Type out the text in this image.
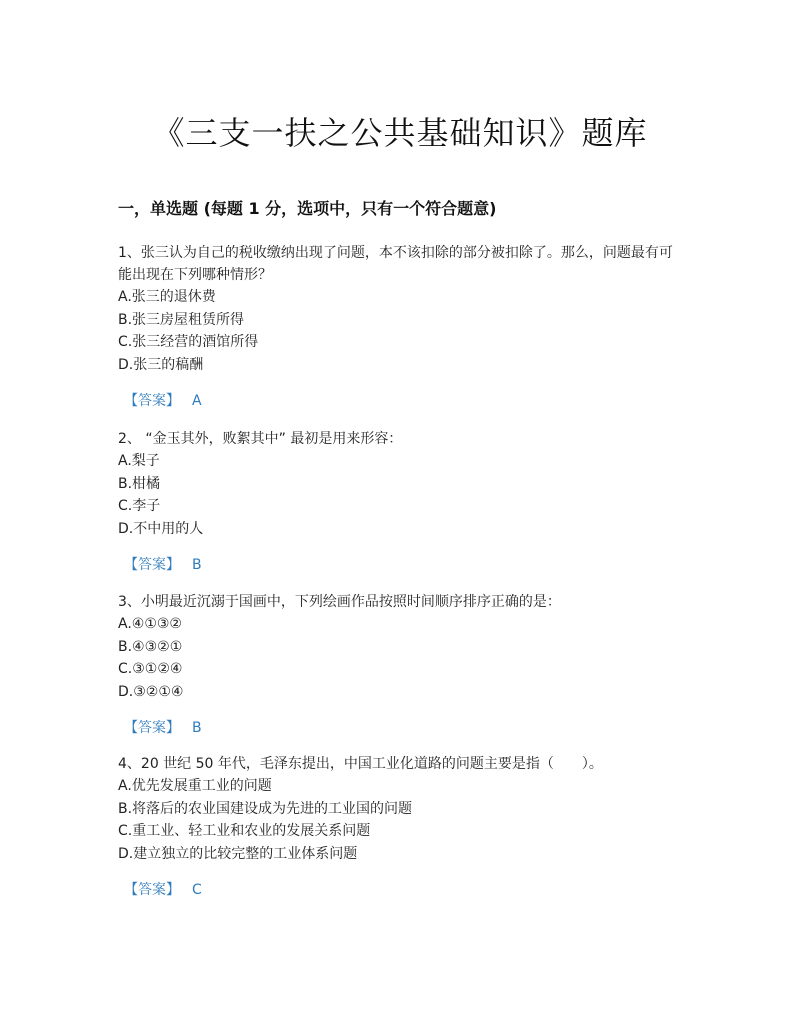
《三支一扶之公共基础知识》题库
一，单选题 (每题 1 分，选项中，只有一个符合题意)

1、张三认为自己的税收缴纳出现了问题，本不该扣除的部分被扣除了。那么，问题最有可能出现在下列哪种情形？

A.张三的退休费

B.张三房屋租赁所得

C.张三经营的酒馆所得

D.张三的稿酬

【答案】 A

2、 “金玉其外，败絮其中” 最初是用来形容：

A.梨子

B.柑橘

C.李子

D.不中用的人

【答案】 B

3、小明最近沉溺于国画中，下列绘画作品按照时间顺序排序正确的是：

A.④①③②

B.④③②①

C.③①②④

D.③②①④

【答案】 B

4、20 世纪 50 年代，毛泽东提出，中国工业化道路的问题主要是指（　　）。

A.优先发展重工业的问题

B.将落后的农业国建设成为先进的工业国的问题

C.重工业、轻工业和农业的发展关系问题

D.建立独立的比较完整的工业体系问题

【答案】 C
